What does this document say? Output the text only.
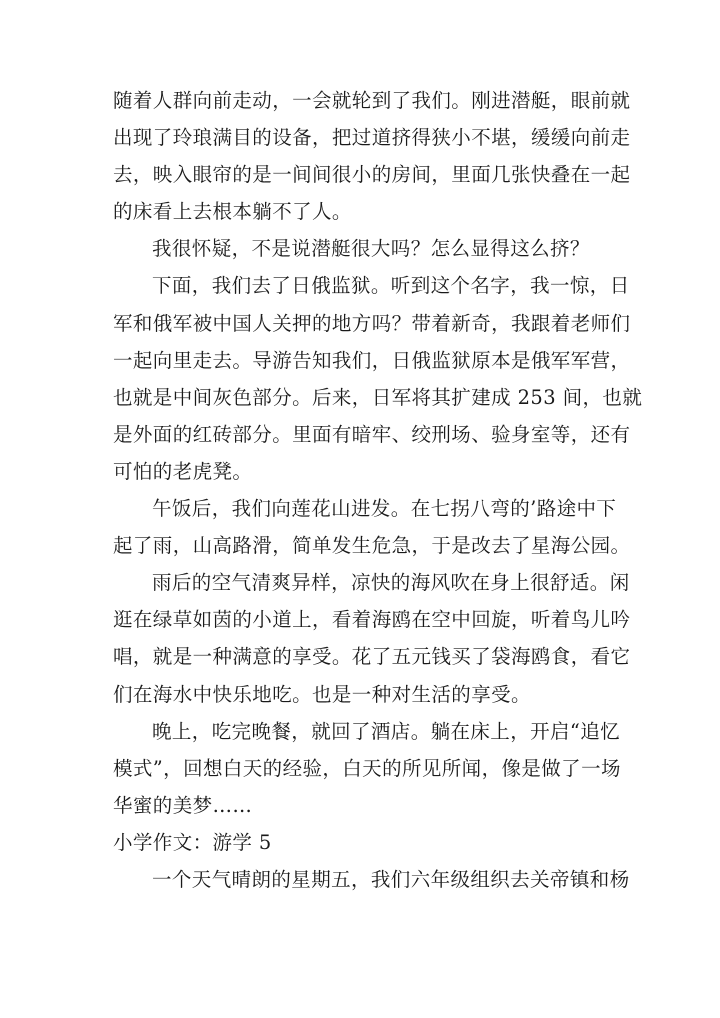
随着人群向前走动，一会就轮到了我们。刚进潜艇，眼前就
出现了玲琅满目的设备，把过道挤得狭小不堪，缓缓向前走
去，映入眼帘的是一间间很小的房间，里面几张快叠在一起
的床看上去根本躺不了人。

我很怀疑，不是说潜艇很大吗？怎么显得这么挤？

下面，我们去了日俄监狱。听到这个名字，我一惊，日
军和俄军被中国人关押的地方吗？带着新奇，我跟着老师们
一起向里走去。导游告知我们，日俄监狱原本是俄军军营，
也就是中间灰色部分。后来，日军将其扩建成 253 间，也就
是外面的红砖部分。里面有暗牢、绞刑场、验身室等，还有
可怕的老虎凳。

午饭后，我们向莲花山进发。在七拐八弯的’路途中下
起了雨，山高路滑，简单发生危急，于是改去了星海公园。

雨后的空气清爽异样，凉快的海风吹在身上很舒适。闲
逛在绿草如茵的小道上，看着海鸥在空中回旋，听着鸟儿吟
唱，就是一种满意的享受。花了五元钱买了袋海鸥食，看它
们在海水中快乐地吃。也是一种对生活的享受。

晚上，吃完晚餐，就回了酒店。躺在床上，开启“追忆
模式”，回想白天的经验，白天的所见所闻，像是做了一场
华蜜的美梦……

小学作文：游学 5

一个天气晴朗的星期五，我们六年级组织去关帝镇和杨
